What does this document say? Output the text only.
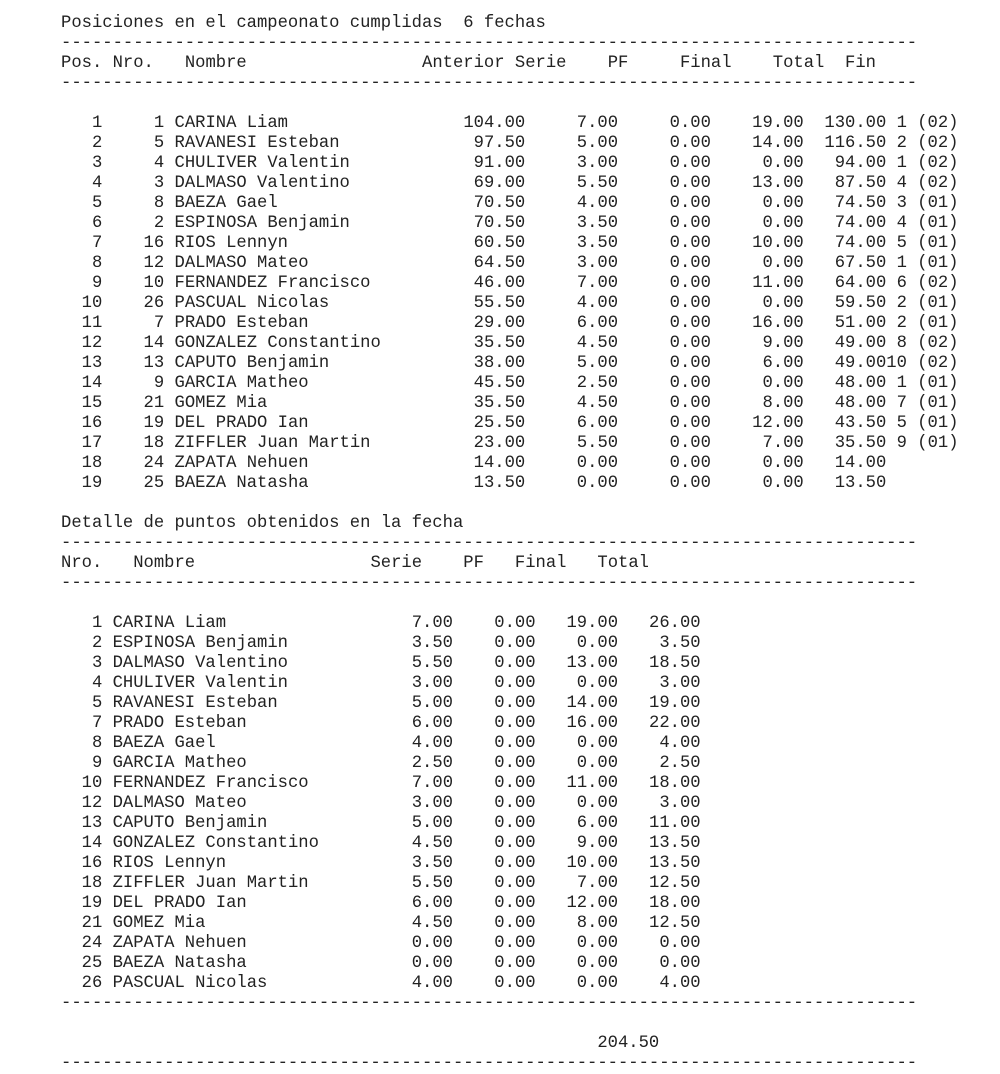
Posiciones en el campeonato cumplidas  6 fechas
-----------------------------------------------------------------------------------
Pos. Nro. Nombre	Anterior Serie PF	Final Total Fin
-----------------------------------------------------------------------------------
1	1 CARINA Liam	104.00	7.00	0.00 19.00 130.00 1 (02)
2	5 RAVANESI Esteban	97.50	5.00	0.00 14.00 116.50 2 (02)
3	4 CHULIVER Valentin	91.00	3.00	0.00	0.00 94.00 1 (02)
4	3 DALMASO Valentino	69.00	5.50	0.00 13.00 87.50 4 (02)
5	8 BAEZA Gael	70.50	4.00	0.00	0.00 74.50 3 (01)
6	2 ESPINOSA Benjamin	70.50	3.50	0.00	0.00 74.00 4 (01)
7 16 RIOS Lennyn	60.50	3.50	0.00 10.00 74.00 5 (01)
8 12 DALMASO Mateo	64.50	3.00	0.00	0.00 67.50 1 (01)
9 10 FERNANDEZ Francisco	46.00	7.00	0.00 11.00 64.00 6 (02)
10 26 PASCUAL Nicolas	55.50	4.00	0.00	0.00 59.50 2 (01)
11	7 PRADO Esteban	29.00	6.00	0.00 16.00 51.00 2 (01)
12 14 GONZALEZ Constantino	35.50	4.50	0.00	9.00 49.00 8 (02)
13 13 CAPUTO Benjamin	38.00	5.00	0.00	6.00 49.0010 (02)
14	9 GARCIA Matheo	45.50	2.50	0.00	0.00 48.00 1 (01)
15 21 GOMEZ Mia	35.50	4.50	0.00	8.00 48.00 7 (01)
16 19 DEL PRADO Ian	25.50	6.00	0.00 12.00 43.50 5 (01)
17 18 ZIFFLER Juan Martin	23.00	5.50	0.00	7.00 35.50 9 (01)
18 24 ZAPATA Nehuen	14.00	0.00	0.00	0.00 14.00
19 25 BAEZA Natasha	13.50	0.00	0.00	0.00 13.50
Detalle de puntos obtenidos en la fecha
-----------------------------------------------------------------------------------
Nro. Nombre	Serie PF Final Total
-----------------------------------------------------------------------------------
1 CARINA Liam	7.00 0.00 19.00 26.00
2 ESPINOSA Benjamin	3.50 0.00 0.00 3.50
3 DALMASO Valentino	5.50 0.00 13.00 18.50
4 CHULIVER Valentin	3.00 0.00 0.00 3.00
5 RAVANESI Esteban	5.00 0.00 14.00 19.00
7 PRADO Esteban	6.00 0.00 16.00 22.00
8 BAEZA Gael	4.00 0.00 0.00 4.00
9 GARCIA Matheo	2.50 0.00 0.00 2.50
10 FERNANDEZ Francisco	7.00 0.00 11.00 18.00
12 DALMASO Mateo	3.00 0.00 0.00 3.00
13 CAPUTO Benjamin	5.00 0.00 6.00 11.00
14 GONZALEZ Constantino	4.50 0.00 9.00 13.50
16 RIOS Lennyn	3.50 0.00 10.00 13.50
18 ZIFFLER Juan Martin	5.50 0.00 7.00 12.50
19 DEL PRADO Ian	6.00 0.00 12.00 18.00
21 GOMEZ Mia	4.50 0.00 8.00 12.50
24 ZAPATA Nehuen	0.00 0.00 0.00 0.00
25 BAEZA Natasha	0.00 0.00 0.00 0.00
26 PASCUAL Nicolas	4.00 0.00 0.00 4.00
-----------------------------------------------------------------------------------
204.50
-----------------------------------------------------------------------------------
